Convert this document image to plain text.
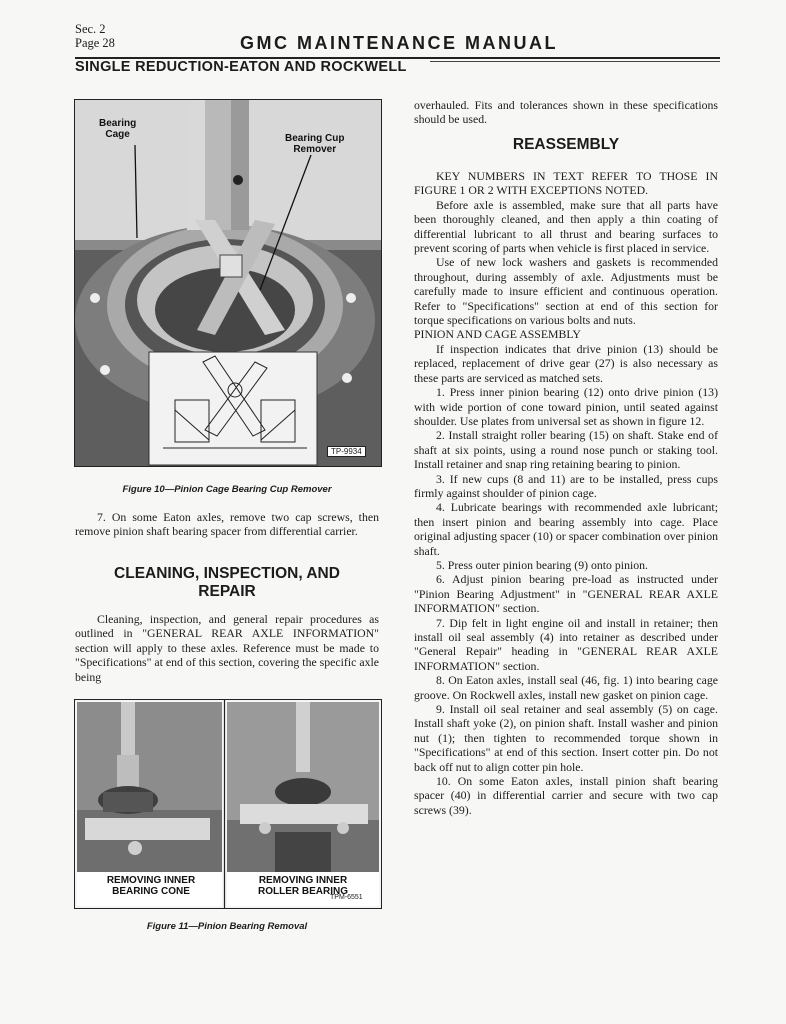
Sec. 2
Page 28	GMC MAINTENANCE MANUAL
SINGLE REDUCTION-EATON AND ROCKWELL
Bearing
Cage	Bearing Cup
Remover
TP-9934
Figure 10—Pinion Cage Bearing Cup Remover

7. On some Eaton axles, remove two cap screws, then remove pinion shaft bearing spacer from differential carrier.

CLEANING, INSPECTION, AND REPAIR

Cleaning, inspection, and general repair procedures as outlined in "GENERAL REAR AXLE INFORMATION" section will apply to these axles. Reference must be made to "Specifications" at end of this section, covering the specific axle being

REMOVING INNER
BEARING CONE
REMOVING INNER
ROLLER BEARING
TPM-6551
Figure 11—Pinion Bearing Removal

overhauled. Fits and tolerances shown in these specifications should be used.

REASSEMBLY

KEY NUMBERS IN TEXT REFER TO THOSE IN FIGURE 1 OR 2 WITH EXCEPTIONS NOTED.

Before axle is assembled, make sure that all parts have been thoroughly cleaned, and then apply a thin coating of differential lubricant to all thrust and bearing surfaces to prevent scoring of parts when vehicle is first placed in service.

Use of new lock washers and gaskets is recommended throughout, during assembly of axle. Adjustments must be carefully made to insure efficient and continuous operation. Refer to "Specifications" section at end of this section for torque specifications on various bolts and nuts.

PINION AND CAGE ASSEMBLY

If inspection indicates that drive pinion (13) should be replaced, replacement of drive gear (27) is also necessary as these parts are serviced as matched sets.

1. Press inner pinion bearing (12) onto drive pinion (13) with wide portion of cone toward pinion, until seated against shoulder. Use plates from universal set as shown in figure 12.

2. Install straight roller bearing (15) on shaft. Stake end of shaft at six points, using a round nose punch or staking tool. Install retainer and snap ring retaining bearing to pinion.

3. If new cups (8 and 11) are to be installed, press cups firmly against shoulder of pinion cage.

4. Lubricate bearings with recommended axle lubricant; then insert pinion and bearing assembly into cage. Place original adjusting spacer (10) or spacer combination over pinion shaft.

5. Press outer pinion bearing (9) onto pinion.

6. Adjust pinion bearing pre-load as instructed under "Pinion Bearing Adjustment" in "GENERAL REAR AXLE INFORMATION" section.

7. Dip felt in light engine oil and install in retainer; then install oil seal assembly (4) into retainer as described under "General Repair" heading in "GENERAL REAR AXLE INFORMATION" section.

8. On Eaton axles, install seal (46, fig. 1) into bearing cage groove. On Rockwell axles, install new gasket on pinion cage.

9. Install oil seal retainer and seal assembly (5) on cage. Install shaft yoke (2), on pinion shaft. Install washer and pinion nut (1); then tighten to recommended torque shown in "Specifications" at end of this section. Insert cotter pin. Do not back off nut to align cotter pin hole.

10. On some Eaton axles, install pinion shaft bearing spacer (40) in differential carrier and secure with two cap screws (39).
